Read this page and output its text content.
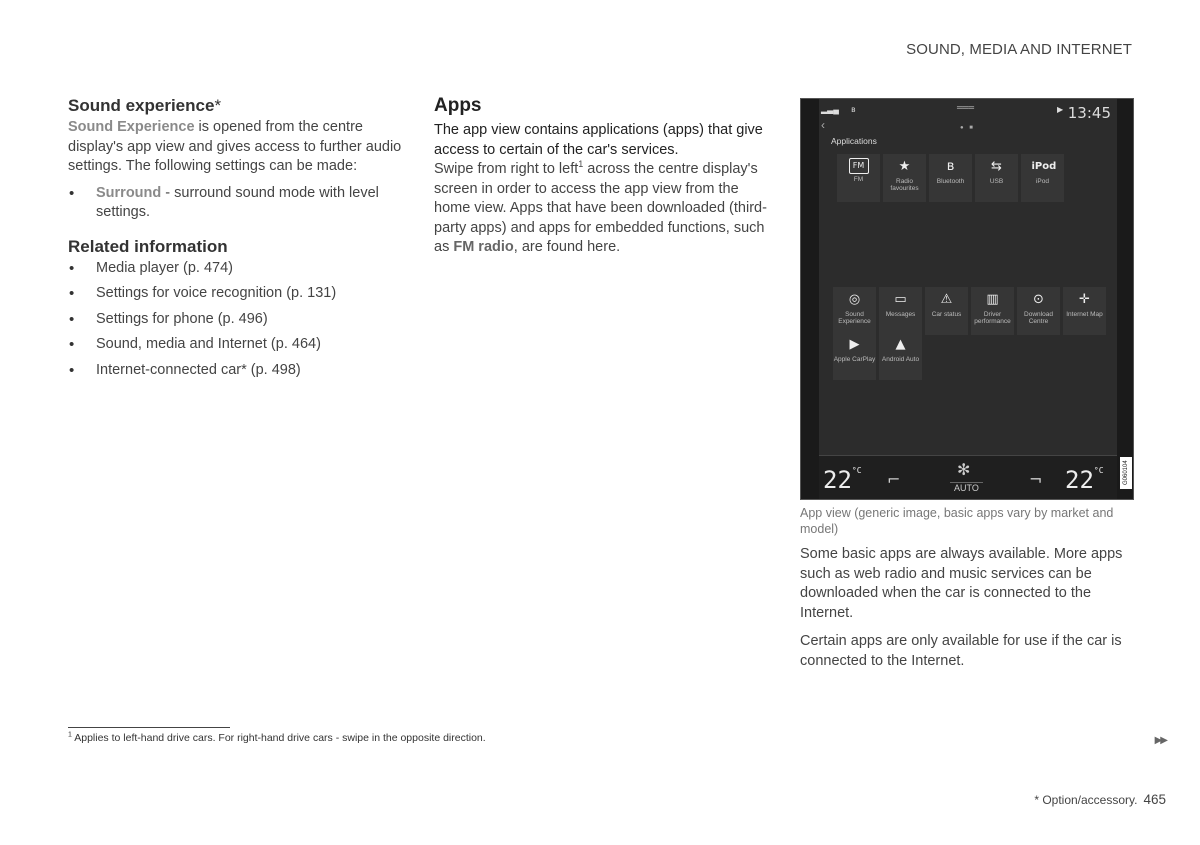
SOUND, MEDIA AND INTERNET
Sound experience*

Sound Experience is opened from the centre display's app view and gives access to further audio settings. The following settings can be made:

• Surround - surround sound mode with level settings.
Related information
• Media player (p. 474)
• Settings for voice recognition (p. 131)
• Settings for phone (p. 496)
• Sound, media and Internet (p. 464)
• Internet-connected car* (p. 498)
Apps

The app view contains applications (apps) that give access to certain of the car's services.

Swipe from right to left$^1$ across the centre display's screen in order to access the app view from the home view. Apps that have been downloaded (third-party apps) and apps for embedded functions, such as FM radio, are found here.

▂▃▄ ʙ	═══	▶ 13:45
‹	● ■
Applications
FM
FM
★
Radio favourites
ʙ
Bluetooth
⇆
USB
iPod
iPod
◎
Sound Experience
▭
Messages
⚠
Car status
▥
Driver performance
⊙
Download Centre
✛
Internet Map
▶
Apple CarPlay
▲
Android Auto
$22^{^\circ C}$ ⌐
✻
AUTO	¬ $22^{^\circ C}$	G060104
App view (generic image, basic apps vary by market and model)

Some basic apps are always available. More apps such as web radio and music services can be downloaded when the car is connected to the Internet.

Certain apps are only available for use if the car is connected to the Internet.

$^1$ Applies to left-hand drive cars. For right-hand drive cars - swipe in the opposite direction.	▶▶
* Option/accessory. 465
